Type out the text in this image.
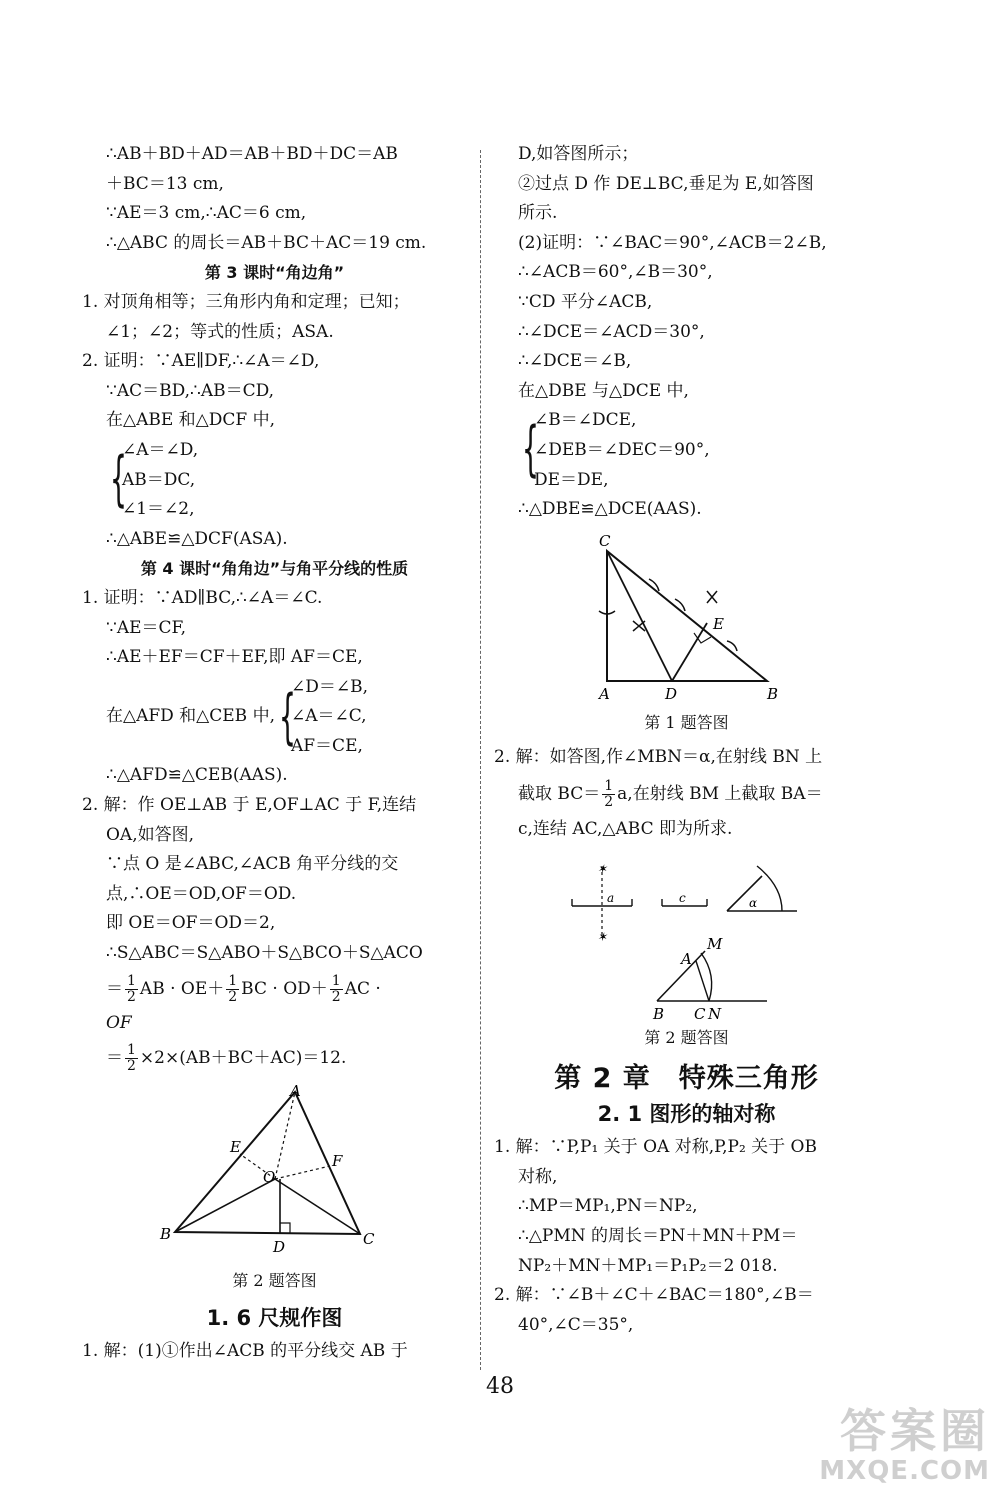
∴AB＋BD＋AD＝AB＋BD＋DC＝AB
＋BC＝13 cm,
∵AE＝3 cm,∴AC＝6 cm,
∴△ABC 的周长＝AB＋BC＋AC＝19 cm.
第 3 课时“角边角”
1. 对顶角相等；三角形内角和定理；已知；
∠1；∠2；等式的性质；ASA.
2. 证明：∵AE∥DF,∴∠A＝∠D,
∵AC＝BD,∴AB＝CD,
在△ABE 和△DCF 中,
{
∠A＝∠D,
AB＝DC,
∠1＝∠2,
∴△ABE≌△DCF(ASA).
第 4 课时“角角边”与角平分线的性质
1. 证明：∵AD∥BC,∴∠A＝∠C.
∵AE＝CF,
∴AE＋EF＝CF＋EF,即 AF＝CE,
在△AFD 和△CEB 中, {
∠D＝∠B,
∠A＝∠C,
AF＝CE,
∴△AFD≌△CEB(AAS).
2. 解：作 OE⊥AB 于 E,OF⊥AC 于 F,连结
OA,如答图,
∵点 O 是∠ABC,∠ACB 角平分线的交
点,∴OE＝OD,OF＝OD.
即 OE＝OF＝OD＝2,
∴S△ABC＝S△ABO＋S△BCO＋S△ACO
＝ $\frac{1}{2}$ AB · $OE+ \frac{1}{2}$ BC · $OD+ \frac{1}{2}$ AC ·
OF
＝ $\frac{1}{2} \times 2\times(AB+BC+AC)=12$.
A
E
O
F
B
D	C
第 2 题答图
1. 6 尺规作图
1. 解：(1)①作出∠ACB 的平分线交 AB 于
D,如答图所示；
②过点 D 作 DE⊥BC,垂足为 E,如答图
所示.
(2)证明：∵∠BAC＝90°,∠ACB＝2∠B,
∴∠ACB＝60°,∠B＝30°,
∵CD 平分∠ACB,
∴∠DCE＝∠ACD＝30°,
∴∠DCE＝∠B,
在△DBE 与△DCE 中,
{
∠B＝∠DCE,
∠DEB＝∠DEC＝90°,
DE＝DE,
∴△DBE≌△DCE(AAS).
C
E
A	D	B
第 1 题答图
2. 解：如答图,作∠MBN＝α,在射线 BN 上
截取 $BC= \frac{1}{2} a$,在射线 BM 上截取 BA＝
c,连结 AC,△ABC 即为所求.
✶
✶
a	c	α
M
A
B C N
第 2 题答图
第 2 章　特殊三角形
2. 1 图形的轴对称
1. 解：∵P,P₁ 关于 OA 对称,P,P₂ 关于 OB
对称,
∴MP＝MP₁,PN＝NP₂,
∴△PMN 的周长＝PN＋MN＋PM＝
NP₂＋MN＋MP₁＝P₁P₂＝2 018.
2. 解：∵∠B＋∠C＋∠BAC＝180°,∠B＝
40°,∠C＝35°,
48
答案圈
MXQE.COM
